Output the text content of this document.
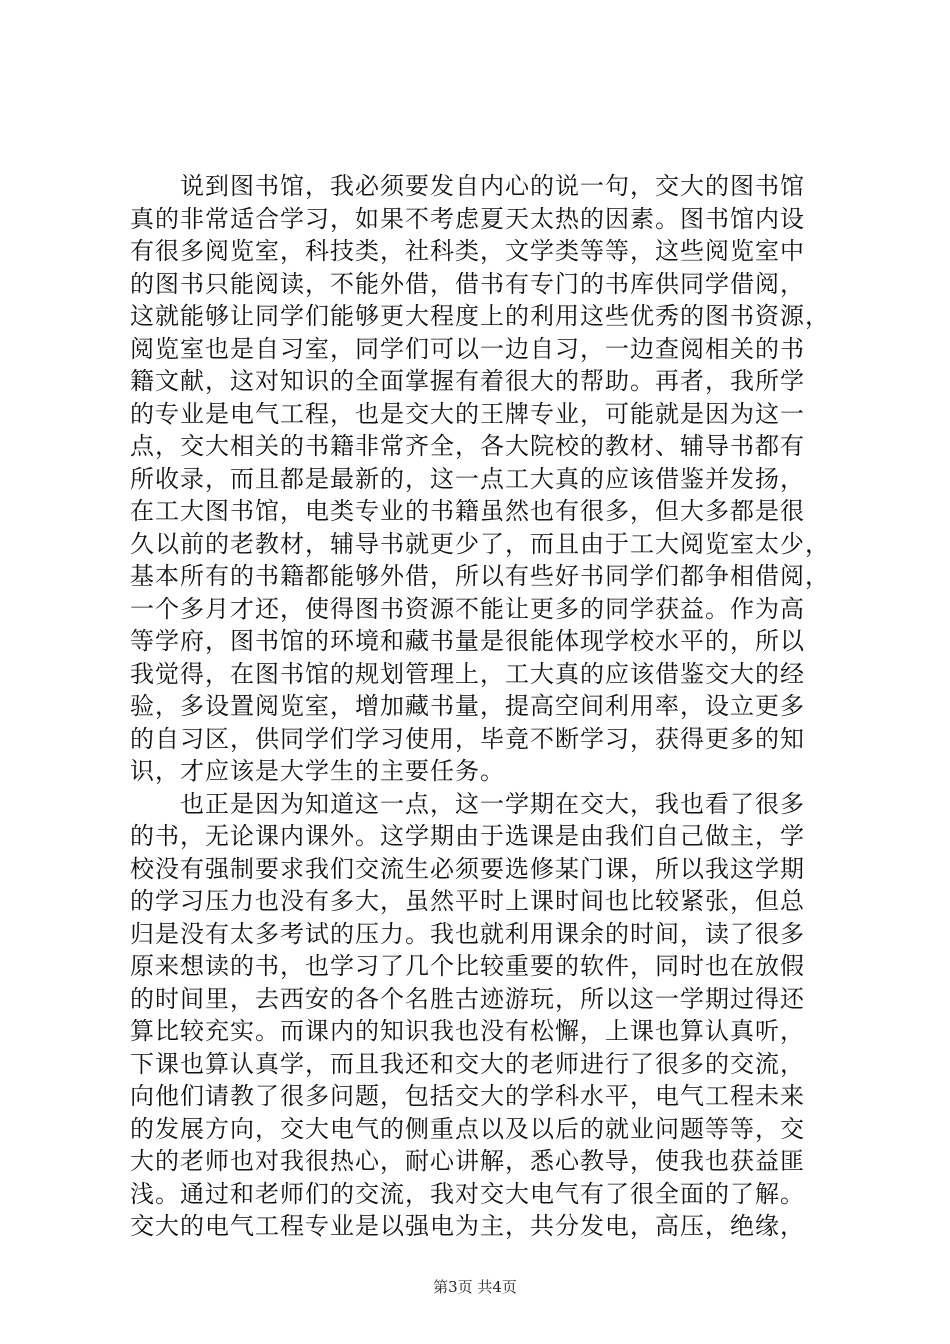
　　说到图书馆，我必须要发自内心的说一句，交大的图书馆
真的非常适合学习，如果不考虑夏天太热的因素。图书馆内设
有很多阅览室，科技类，社科类，文学类等等，这些阅览室中
的图书只能阅读，不能外借，借书有专门的书库供同学借阅，
这就能够让同学们能够更大程度上的利用这些优秀的图书资源，
阅览室也是自习室，同学们可以一边自习，一边查阅相关的书
籍文献，这对知识的全面掌握有着很大的帮助。再者，我所学
的专业是电气工程，也是交大的王牌专业，可能就是因为这一
点，交大相关的书籍非常齐全，各大院校的教材、辅导书都有
所收录，而且都是最新的，这一点工大真的应该借鉴并发扬，
在工大图书馆，电类专业的书籍虽然也有很多，但大多都是很
久以前的老教材，辅导书就更少了，而且由于工大阅览室太少，
基本所有的书籍都能够外借，所以有些好书同学们都争相借阅，
一个多月才还，使得图书资源不能让更多的同学获益。作为高
等学府，图书馆的环境和藏书量是很能体现学校水平的，所以
我觉得，在图书馆的规划管理上，工大真的应该借鉴交大的经
验，多设置阅览室，增加藏书量，提高空间利用率，设立更多
的自习区，供同学们学习使用，毕竟不断学习，获得更多的知
识，才应该是大学生的主要任务。
　　也正是因为知道这一点，这一学期在交大，我也看了很多
的书，无论课内课外。这学期由于选课是由我们自己做主，学
校没有强制要求我们交流生必须要选修某门课，所以我这学期
的学习压力也没有多大，虽然平时上课时间也比较紧张，但总
归是没有太多考试的压力。我也就利用课余的时间，读了很多
原来想读的书，也学习了几个比较重要的软件，同时也在放假
的时间里，去西安的各个名胜古迹游玩，所以这一学期过得还
算比较充实。而课内的知识我也没有松懈，上课也算认真听，
下课也算认真学，而且我还和交大的老师进行了很多的交流，
向他们请教了很多问题，包括交大的学科水平，电气工程未来
的发展方向，交大电气的侧重点以及以后的就业问题等等，交
大的老师也对我很热心，耐心讲解，悉心教导，使我也获益匪
浅。通过和老师们的交流，我对交大电气有了很全面的了解。
交大的电气工程专业是以强电为主，共分发电，高压，绝缘，
第3页 共4页
